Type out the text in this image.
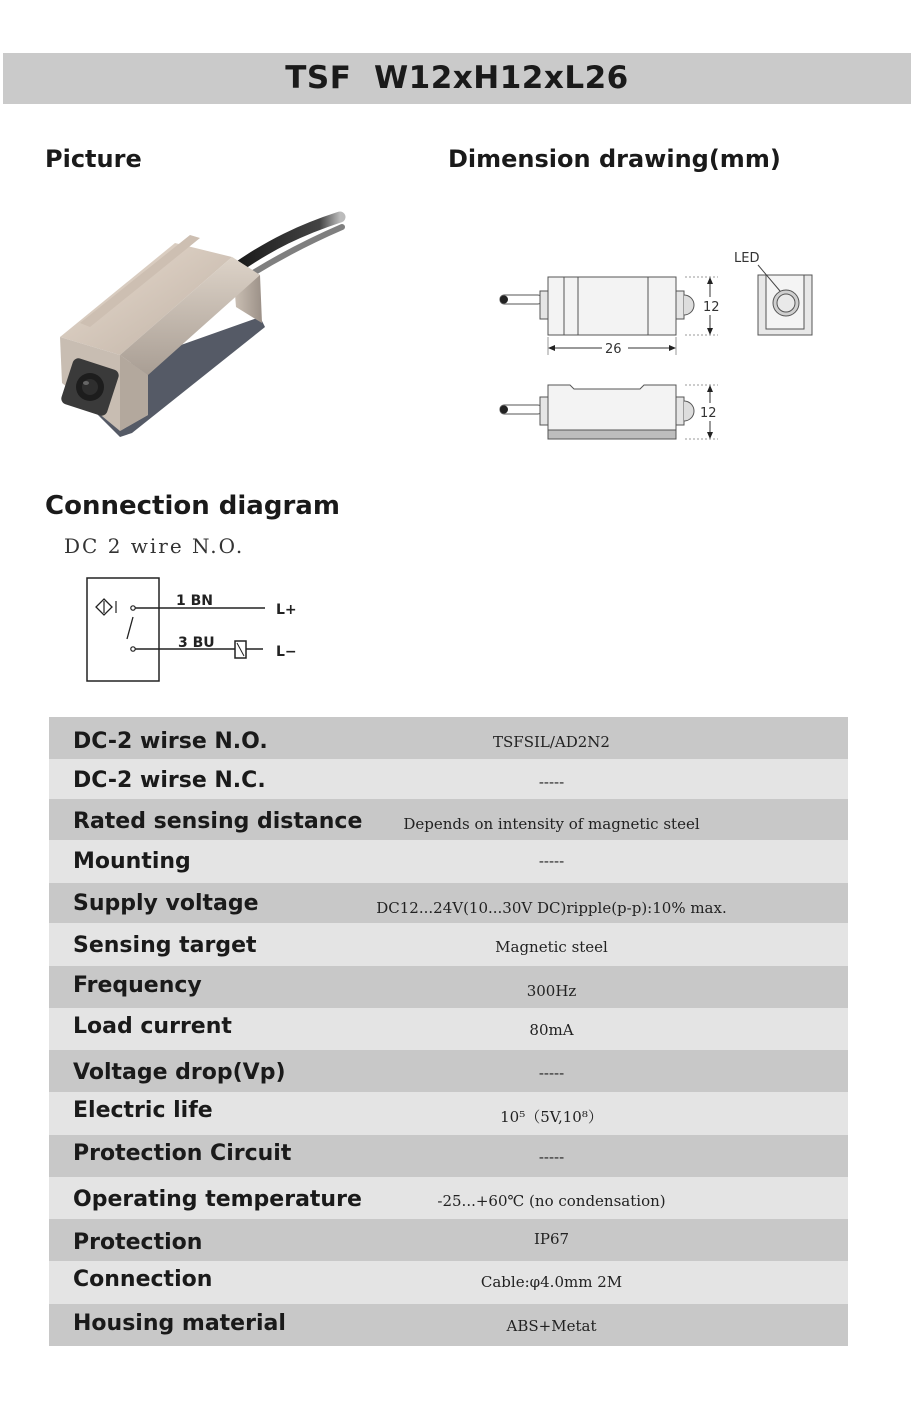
TSF  W12xH12xL26
Picture	Dimension drawing(mm)
Connection diagram
DC 2 wire N.O.
LED
12
26
12
1 BN
3 BU
L+
L−
DC-2 wirse N.O.	TSFSIL/AD2N2
DC-2 wirse N.C.	-----
Rated sensing distance	Depends on intensity of magnetic steel
Mounting	-----
Supply voltage	DC12...24V(10...30V DC)ripple(p-p):10% max.
Sensing target	Magnetic steel
Frequency	300Hz
Load current	80mA
Voltage drop(Vp)	-----
Electric life	10⁵（5V,10⁸）
Protection Circuit	-----
Operating temperature	-25...+60℃ (no condensation)
Protection	IP67
Connection	Cable:φ4.0mm 2M
Housing material	ABS+Metat
